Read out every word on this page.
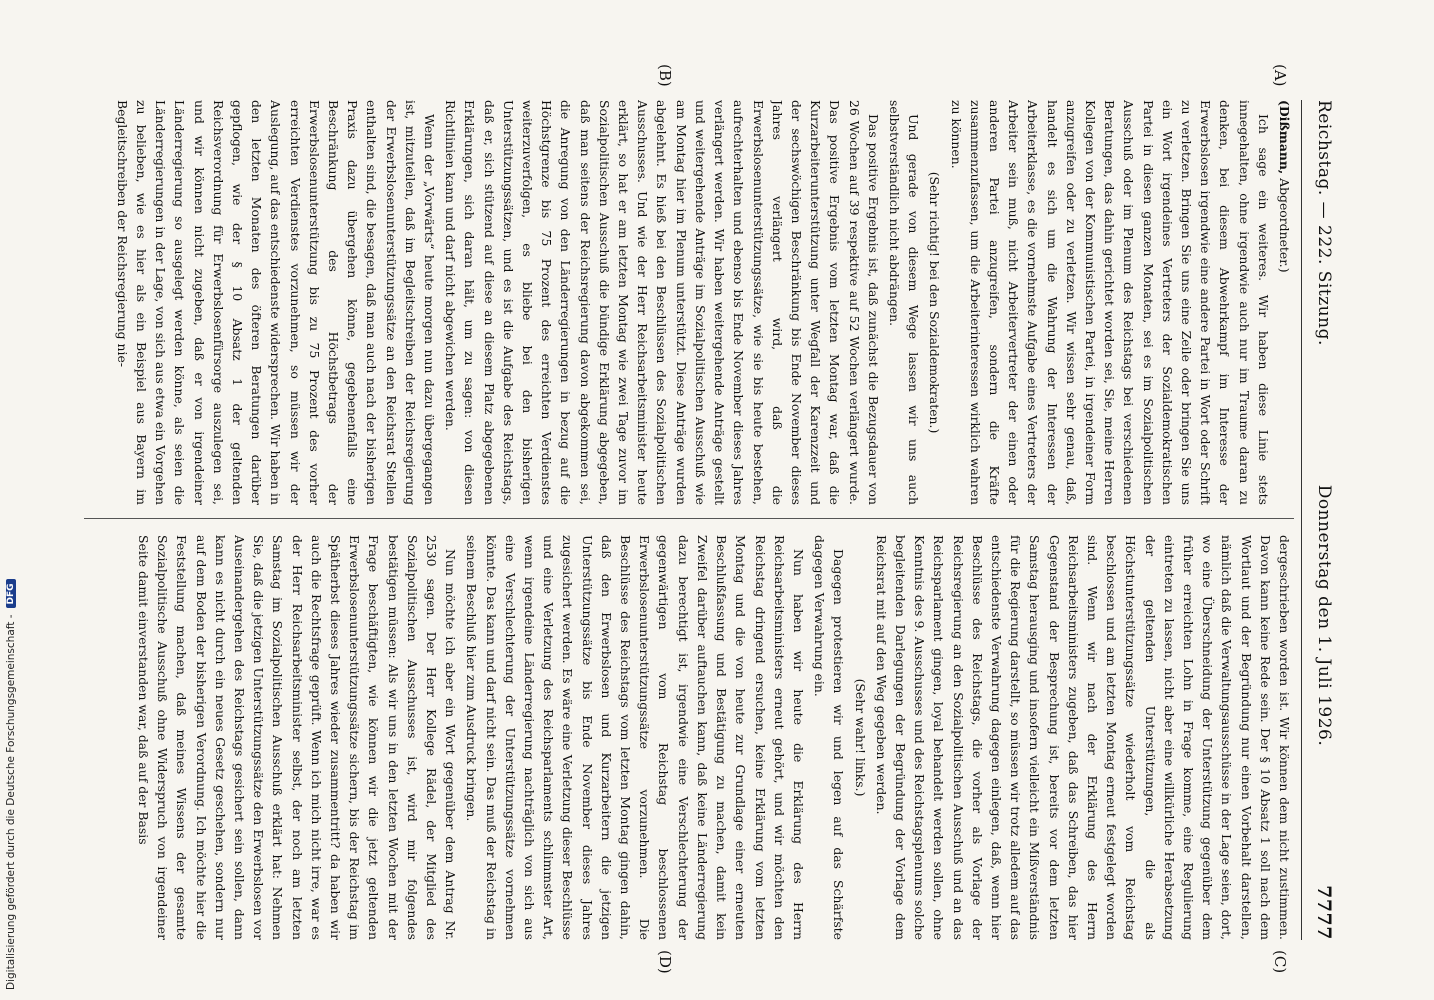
Reichstag. — 222. Sitzung.
Donnerstag den 1. Juli 1926.
7777
(A)
(B)
(C)
(D)

(Dißmann, Abgeordneter.)

Ich sage ein weiteres. Wir haben diese Linie stets innegehalten, ohne irgendwie auch nur im Traume daran zu denken, bei diesem Abwehrkampf im Interesse der Erwerbslosen irgendwie eine andere Partei in Wort oder Schrift zu verletzen. Bringen Sie uns eine Zeile oder bringen Sie uns ein Wort irgendeines Vertreters der Sozialdemokratischen Partei in diesen ganzen Monaten, sei es im Sozialpolitischen Ausschuß oder im Plenum des Reichstags bei verschiedenen Beratungen, das dahin gerichtet worden sei, Sie, meine Herren Kollegen von der Kommunistischen Partei, in irgendeiner Form anzugreifen oder zu verletzen. Wir wissen sehr genau, daß, handelt es sich um die Wahrung der Interessen der Arbeiterklasse, es die vornehmste Aufgabe eines Vertreters der Arbeiter sein muß, nicht Arbeitervertreter der einen oder anderen Partei anzugreifen, sondern die Kräfte zusammenzufassen, um die Arbeiterinteressen wirklich wahren zu können.

(Sehr richtig! bei den Sozialdemokraten.)

Und gerade von diesem Wege lassen wir uns auch selbstverständlich nicht abdrängen.

Das positive Ergebnis ist, daß zunächst die Bezugsdauer von 26 Wochen auf 39 respektive auf 52 Wochen verlängert wurde. Das positive Ergebnis vom letzten Montag war, daß die Kurzarbeiterunterstützung unter Wegfall der Karenzzeit und der sechswöchigen Beschränkung bis Ende November dieses Jahres verlängert wird, daß die Erwerbslosenunterstützungssätze, wie sie bis heute bestehen, aufrechterhalten und ebenso bis Ende November dieses Jahres verlängert werden. Wir haben weitergehende Anträge gestellt und weitergehende Anträge im Sozialpolitischen Ausschuß wie am Montag hier im Plenum unterstützt. Diese Anträge wurden abgelehnt. Es hieß bei den Beschlüssen des Sozialpolitischen Ausschusses. Und wie der Herr Reichsarbeitsminister heute erklärt, so hat er am letzten Montag wie zwei Tage zuvor im Sozialpolitischen Ausschuß die bündige Erklärung abgegeben, daß man seitens der Reichsregierung davon abgekommen sei, die Anregung von den Länderregierungen in bezug auf die Höchstgrenze bis 75 Prozent des erreichten Verdienstes weiterzuverfolgen, es bliebe bei den bisherigen Unterstützungssätzen, und es ist die Aufgabe des Reichstags, daß er, sich stützend auf diese an diesem Platz abgegebenen Erklärungen, sich daran hält, um zu sagen: von diesen Richtlinien kann und darf nicht abgewichen werden.

Wenn der „Vorwärts“ heute morgen nun dazu übergegangen ist, mitzuteilen, daß im Begleitschreiben der Reichsregierung der Erwerbslosenunterstützungssätze an den Reichsrat Stellen enthalten sind, die besagen, daß man auch nach der bisherigen Praxis dazu übergehen könne, gegebenenfalls eine Beschränkung des Höchstbetrags der Erwerbslosenunterstützung bis zu 75 Prozent des vorher erreichten Verdienstes vorzunehmen, so müssen wir der Auslegung, auf das entschiedenste widersprechen. Wir haben in den letzten Monaten des öfteren Beratungen darüber gepflogen, wie der § 10 Absatz 1 der geltenden Reichsverordnung für Erwerbslosenfürsorge auszulegen sei, und wir können nicht zugeben, daß er von irgendeiner Länderregierung so ausgelegt werden könne, als seien die Länderregierungen in der Lage, von sich aus etwa ein Vorgehen zu belieben, wie es hier als ein Beispiel aus Bayern im Begleitschreiben der Reichsregierung nie-

dergeschrieben worden ist. Wir können dem nicht zustimmen. Davon kann keine Rede sein. Der § 10 Absatz 1 soll nach dem Wortlaut und der Begründung nur einen Vorbehalt darstellen, nämlich daß die Verwaltungsausschüsse in der Lage seien, dort, wo eine Überschneidung der Unterstützung gegenüber dem früher erreichten Lohn in Frage komme, eine Regulierung eintreten zu lassen, nicht aber eine willkürliche Herabsetzung der geltenden Unterstützungen, die als Höchstunterstützungssätze wiederholt vom Reichstag beschlossen und am letzten Montag erneut festgelegt worden sind. Wenn wir nach der Erklärung des Herrn Reichsarbeitsministers zugeben, daß das Schreiben, das hier Gegenstand der Besprechung ist, bereits vor dem letzten Samstag herausging und insofern vielleicht ein Mißverständnis für die Regierung darstellt, so müssen wir trotz alledem auf das entschiedenste Verwahrung dagegen einlegen, daß, wenn hier Beschlüsse des Reichstags, die vorher als Vorlage der Reichsregierung an den Sozialpolitischen Ausschuß und an das Reichsparlament gingen, loyal behandelt werden sollen, ohne Kenntnis des 9. Ausschusses und des Reichstagsplenums solche begleitenden Darlegungen der Begründung der Vorlage dem Reichsrat mit auf den Weg gegeben werden.

(Sehr wahr! links.)

Dagegen protestieren wir und legen auf das Schärfste dagegen Verwahrung ein.

Nun haben wir heute die Erklärung des Herrn Reichsarbeitsministers erneut gehört, und wir möchten den Reichstag dringend ersuchen, keine Erklärung vom letzten Montag und die von heute zur Grundlage einer erneuten Beschlußfassung und Bestätigung zu machen, damit kein Zweifel darüber auftauchen kann, daß keine Länderregierung dazu berechtigt ist, irgendwie eine Verschlechterung der gegenwärtigen vom Reichstag beschlossenen Erwerbslosenunterstützungssätze vorzunehmen. Die Beschlüsse des Reichstags vom letzten Montag gingen dahin, daß den Erwerbslosen und Kurzarbeitern die jetzigen Unterstützungssätze bis Ende November dieses Jahres zugesichert werden. Es wäre eine Verletzung dieser Beschlüsse und eine Verletzung des Reichsparlaments schlimmster Art, wenn irgendeine Länderregierung nachträglich von sich aus eine Verschlechterung der Unterstützungssätze vornehmen könnte. Das kann und darf nicht sein. Das muß der Reichstag in seinem Beschluß hier zum Ausdruck bringen.

Nun möchte ich aber ein Wort gegenüber dem Antrag Nr. 2530 sagen. Der Herr Kollege Rädel, der Mitglied des Sozialpolitischen Ausschusses ist, wird mir folgendes bestätigen müssen: Als wir uns in den letzten Wochen mit der Frage beschäftigten, wie können wir die jetzt geltenden Erwerbslosenunterstützungssätze sichern, bis der Reichstag im Spätherbst dieses Jahres wieder zusammentritt? da haben wir auch die Rechtsfrage geprüft. Wenn ich mich nicht irre, war es der Herr Reichsarbeitsminister selbst, der noch am letzten Samstag im Sozialpolitischen Ausschuß erklärt hat: Nehmen Sie, daß die jetzigen Unterstützungssätze den Erwerbslosen vor Auseinandergehen des Reichstags gesichert sein sollen, dann kann es nicht durch ein neues Gesetz geschehen, sondern nur auf dem Boden der bisherigen Verordnung. Ich möchte hier die Feststellung machen, daß meines Wissens der gesamte Sozialpolitische Ausschuß ohne Widerspruch von irgendeiner Seite damit einverstanden war, daß auf der Basis

Digitalisierung gefördert durch die Deutsche Forschungsgemeinschaft -
DFG
